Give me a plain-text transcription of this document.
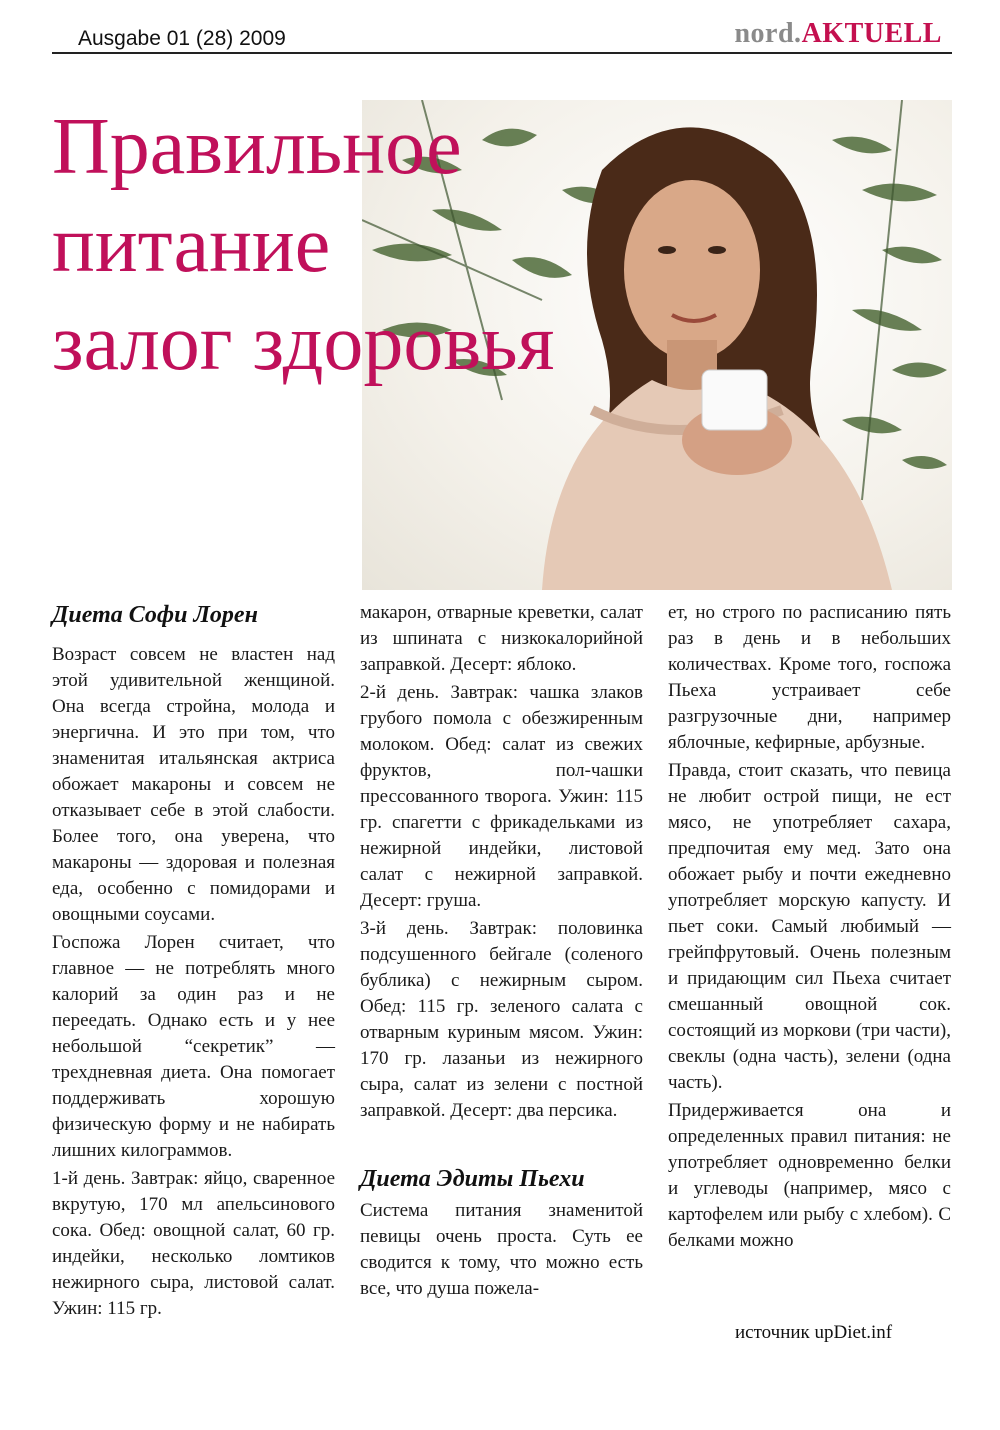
Ausgabe 01 (28) 2009	nord.AKTUELL
Правильное
питание
залог здоровья
Диета Софи Лорен

Возраст совсем не властен над этой удивительной женщиной. Она всегда стройна, молода и энергична. И это при том, что знаменитая итальянская актриса обожает макароны и совсем не отказывает себе в этой слабости. Более того, она уверена, что макароны — здоровая и полезная еда, особенно с помидорами и овощными соусами.

Госпожа Лорен считает, что главное — не потреблять много калорий за один раз и не переедать. Однако есть и у нее небольшой “секретик” — трехдневная диета. Она помогает поддерживать хорошую физическую форму и не набирать лишних килограммов.

1-й день. Завтрак: яйцо, сваренное вкрутую, 170 мл апельсинового сока. Обед: овощной салат, 60 гр. индейки, несколько ломтиков нежирного сыра, листовой салат. Ужин: 115 гр.

макарон, отварные креветки, салат из шпината с низкокалорийной заправкой. Десерт: яблоко.

2-й день. Завтрак: чашка злаков грубого помола с обезжиренным молоком. Обед: салат из свежих фруктов, пол-чашки прессованного творога. Ужин: 115 гр. спагетти с фрикадельками из нежирной индейки, листовой салат с нежирной заправкой. Десерт: груша.

3-й день. Завтрак: половинка подсушенного бейгале (соленого бублика) с нежирным сыром. Обед: 115 гр. зеленого салата с отварным куриным мясом. Ужин: 170 гр. лазаньи из нежирного сыра, салат из зелени с постной заправкой. Десерт: два персика.

Диета Эдиты Пьехи

Система питания знаменитой певицы очень проста. Суть ее сводится к тому, что можно есть все, что душа пожела-

ет, но строго по расписанию пять раз в день и в небольших количествах. Кроме того, госпожа Пьеха устраивает себе разгрузочные дни, например яблочные, кефирные, арбузные.

Правда, стоит сказать, что певица не любит острой пищи, не ест мясо, не употребляет сахара, предпочитая ему мед. Зато она обожает рыбу и почти ежедневно употребляет морскую капусту. И пьет соки. Самый любимый — грейпфрутовый. Очень полезным и придающим сил Пьеха считает смешанный овощной сок. состоящий из моркови (три части), свеклы (одна часть), зелени (одна часть).

Придерживается она и определенных правил питания: не употребляет одновременно белки и углеводы (например, мясо с картофелем или рыбу с хлебом). С белками можно

источник upDiet.inf
